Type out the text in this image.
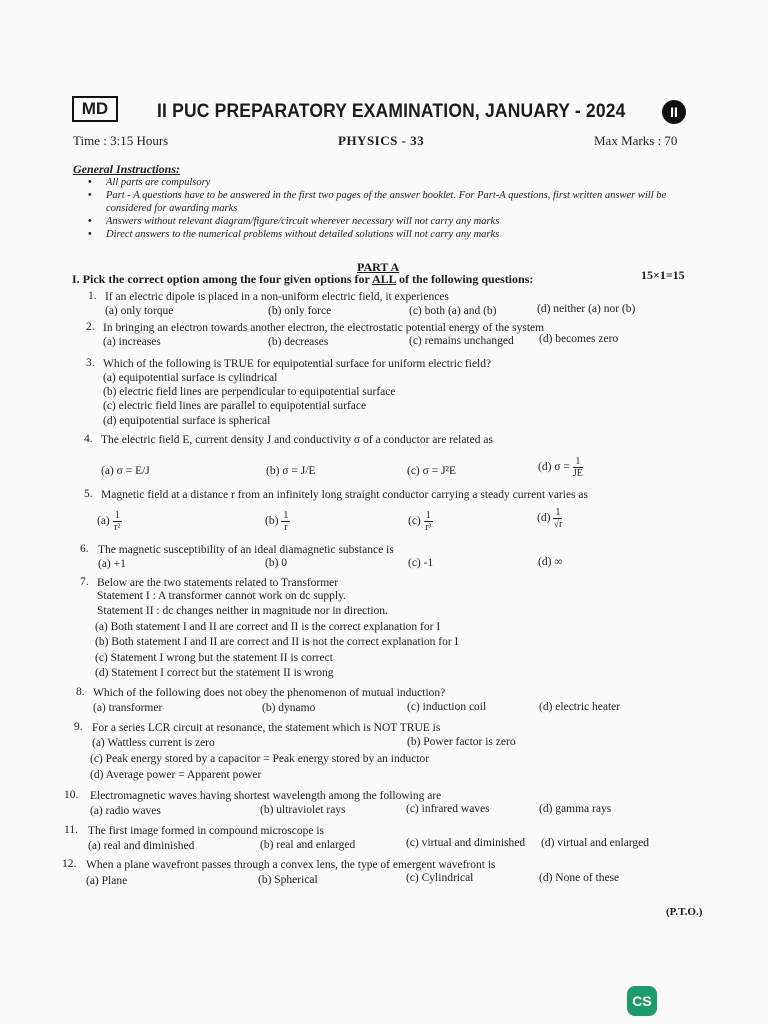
MD	II PUC PREPARATORY EXAMINATION, JANUARY - 2024	II
Time : 3:15 Hours	PHYSICS - 33	Max Marks : 70
General Instructions:
• All parts are compulsory
• Part - A questions have to be answered in the first two pages of the answer booklet. For Part-A questions, first written answer will be considered for awarding marks
• Answers without relevant diagram/figure/circuit wherever necessary will not carry any marks
• Direct answers to the numerical problems without detailed solutions will not carry any marks
PART A
I. Pick the correct option among the four given options for ALL of the following questions:	15×1=15
1. If an electric dipole is placed in a non-uniform electric field, it experiences
(a) only torque	(b) only force	(c) both (a) and (b)	(d) neither (a) nor (b)
2. In bringing an electron towards another electron, the electrostatic potential energy of the system
(a) increases	(b) decreases	(c) remains unchanged (d) becomes zero
3. Which of the following is TRUE for equipotential surface for uniform electric field?
(a) equipotential surface is cylindrical
(b) electric field lines are perpendicular to equipotential surface
(c) electric field lines are parallel to equipotential surface
(d) equipotential surface is spherical
4. The electric field E, current density J and conductivity σ of a conductor are related as
(a) σ = E/J	(b) σ = J/E	(c) σ = J²E	(d) $\sigma = \frac{1}{JE}$
5. Magnetic field at a distance r from an infinitely long straight conductor carrying a steady current varies as
$(a) \frac{1}{\text{r²}}$	$(b) \frac{1}{r}$	$(c) \frac{1}{\text{r³}}$	$(d) \frac{1}{√r}$
6. The magnetic susceptibility of an ideal diamagnetic substance is
(a) +1	(b) 0	(c) -1	(d) ∞
7. Below are the two statements related to Transformer
Statement I : A transformer cannot work on dc supply.
Statement II : dc changes neither in magnitude nor in direction.
(a) Both statement I and II are correct and II is the correct explanation for I
(b) Both statement I and II are correct and II is not the correct explanation for I
(c) Statement I wrong but the statement II is correct
(d) Statement I correct but the statement II is wrong
8. Which of the following does not obey the phenomenon of mutual induction?
(a) transformer	(b) dynamo	(c) induction coil	(d) electric heater
9. For a series LCR circuit at resonance, the statement which is NOT TRUE is
(a) Wattless current is zero	(b) Power factor is zero
(c) Peak energy stored by a capacitor = Peak energy stored by an inductor
(d) Average power = Apparent power
10. Electromagnetic waves having shortest wavelength among the following are
(a) radio waves	(b) ultraviolet rays	(c) infrared waves	(d) gamma rays
11. The first image formed in compound microscope is
(a) real and diminished	(b) real and enlarged	(c) virtual and diminished (d) virtual and enlarged
12. When a plane wavefront passes through a convex lens, the type of emergent wavefront is
(a) Plane	(b) Spherical	(c) Cylindrical	(d) None of these
(P.T.O.)
CS
